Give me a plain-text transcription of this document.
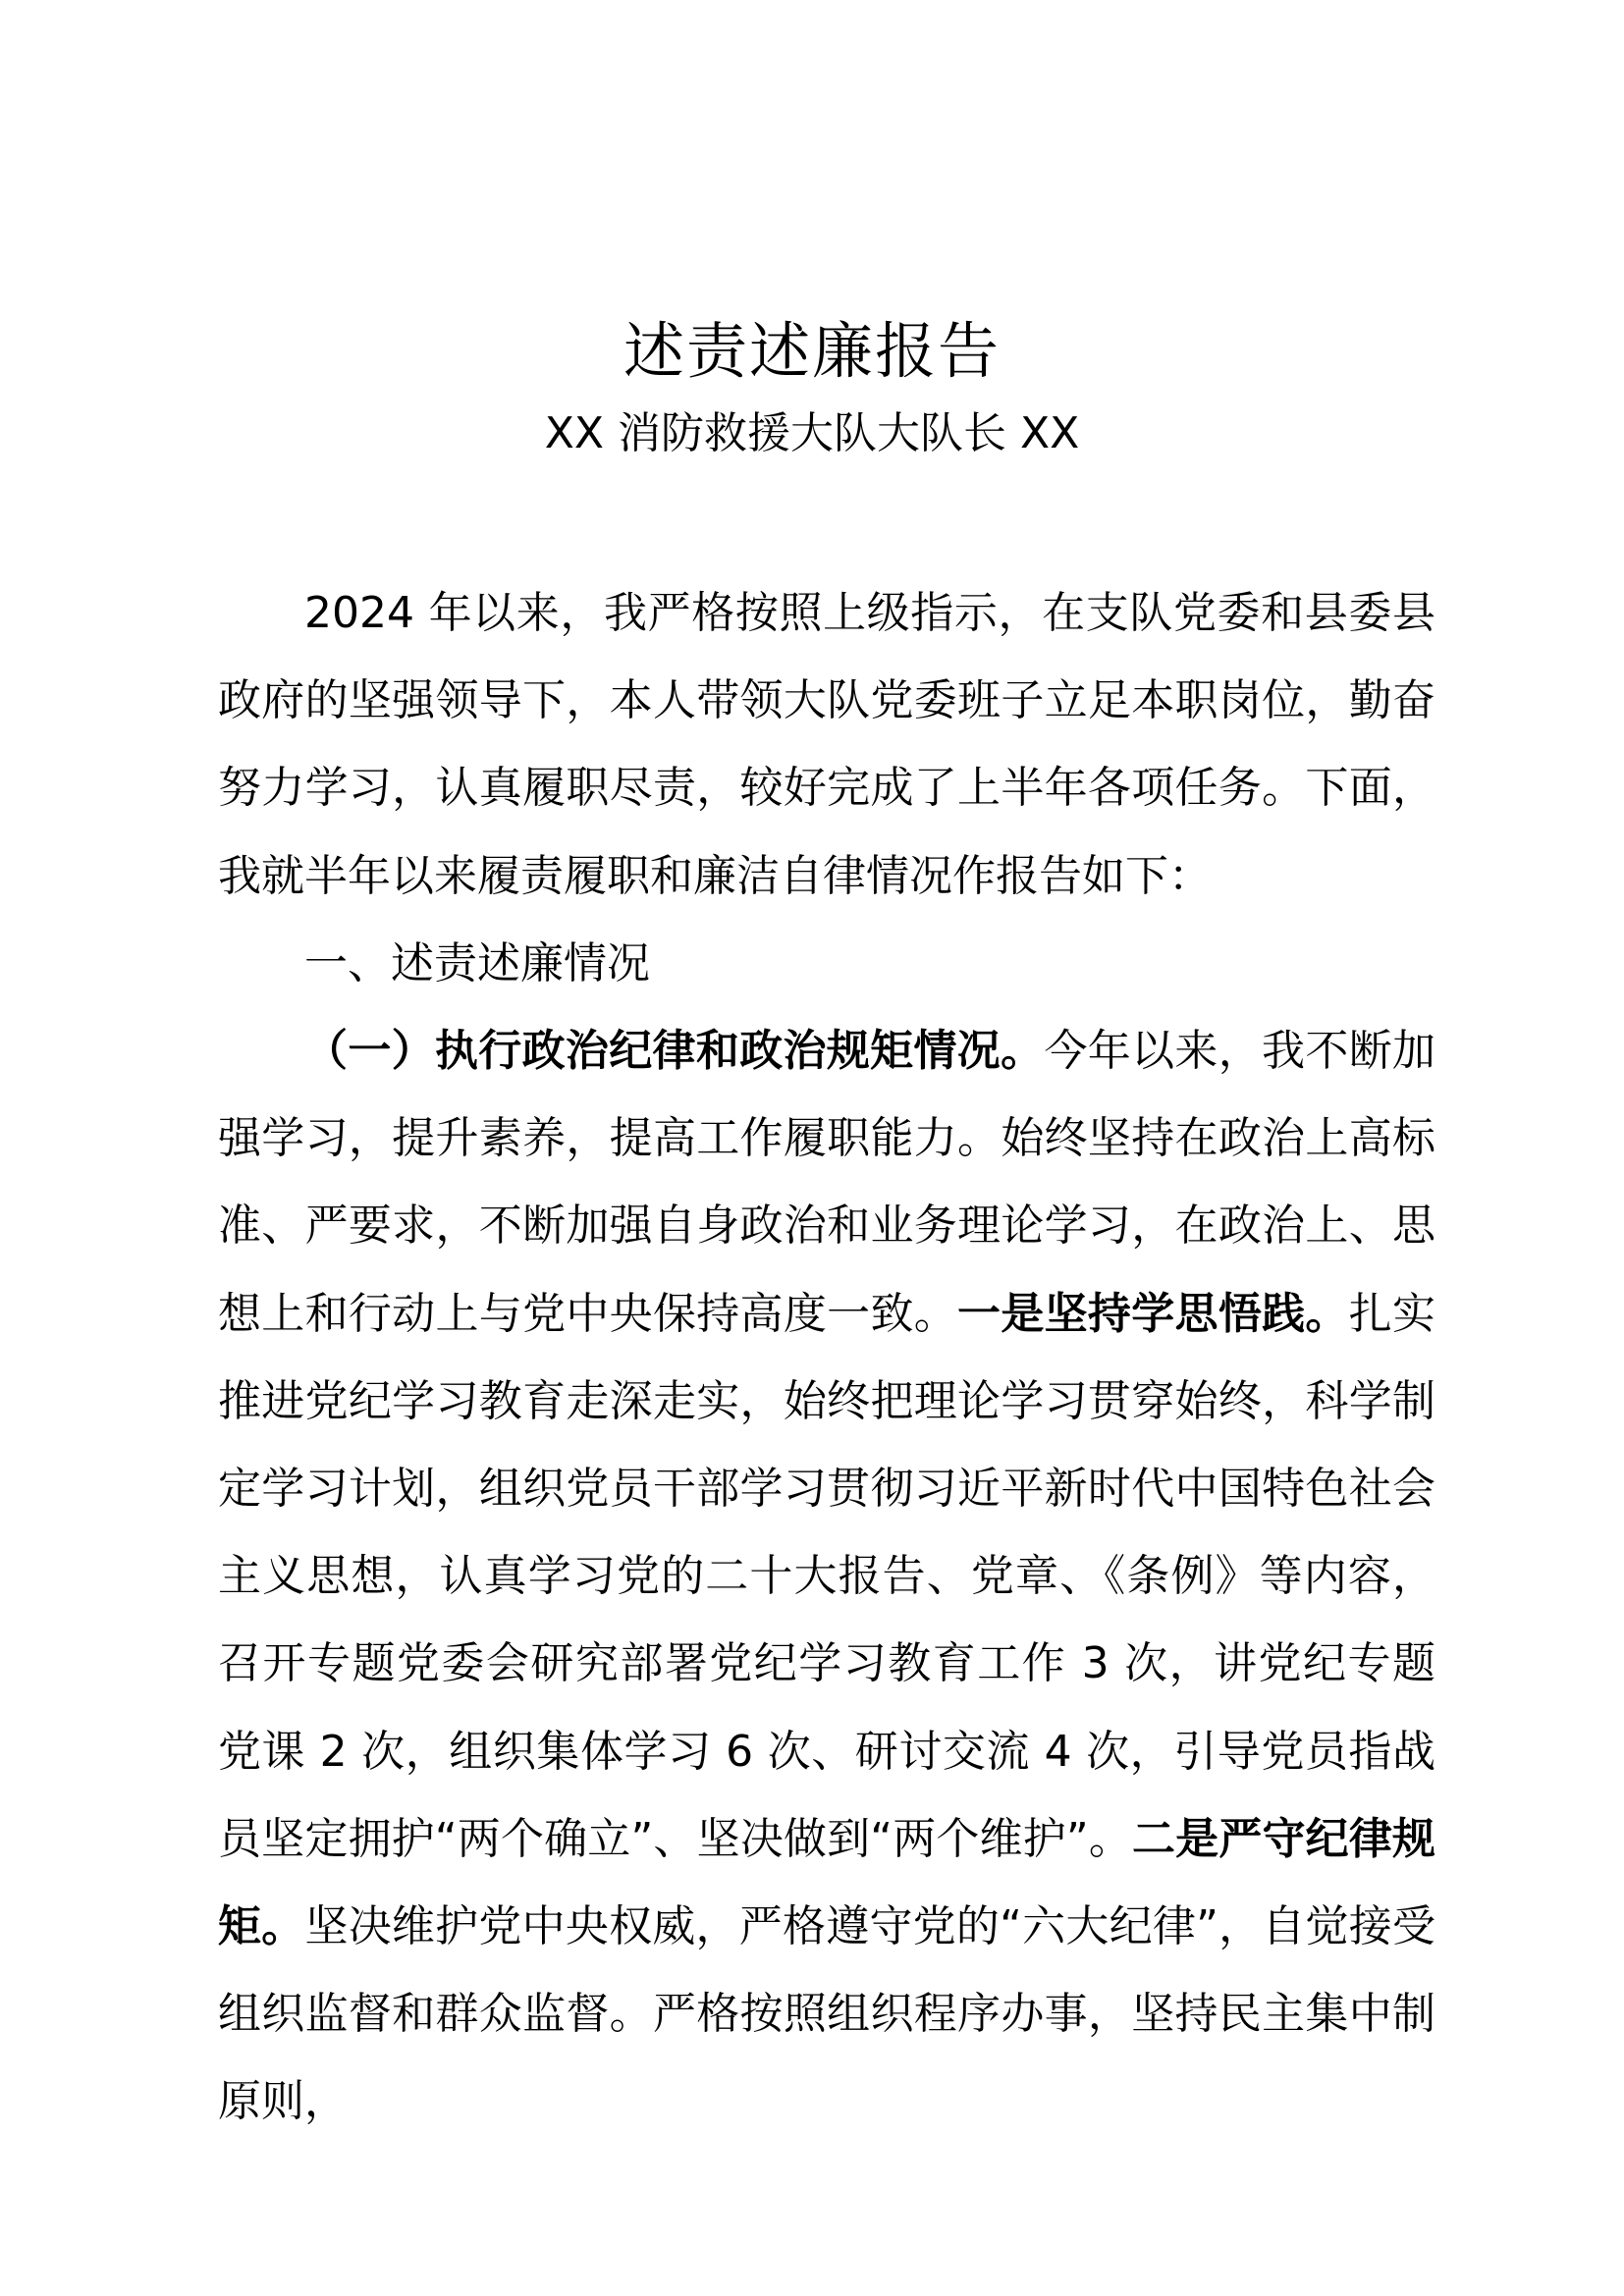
述责述廉报告
XX 消防救援大队大队长 XX

2024 年以来，我严格按照上级指示，在支队党委和县委县政府的坚强领导下，本人带领大队党委班子立足本职岗位，勤奋努力学习，认真履职尽责，较好完成了上半年各项任务。下面，我就半年以来履责履职和廉洁自律情况作报告如下：

一、述责述廉情况

（一）执行政治纪律和政治规矩情况。今年以来，我不断加强学习，提升素养，提高工作履职能力。始终坚持在政治上高标准、严要求，不断加强自身政治和业务理论学习，在政治上、思想上和行动上与党中央保持高度一致。一是坚持学思悟践。扎实推进党纪学习教育走深走实，始终把理论学习贯穿始终，科学制定学习计划，组织党员干部学习贯彻习近平新时代中国特色社会主义思想，认真学习党的二十大报告、党章、《条例》等内容，召开专题党委会研究部署党纪学习教育工作 3 次，讲党纪专题党课 2 次，组织集体学习 6 次、研讨交流 4 次，引导党员指战员坚定拥护“两个确立”、坚决做到“两个维护”。二是严守纪律规矩。坚决维护党中央权威，严格遵守党的“六大纪律”，自觉接受组织监督和群众监督。严格按照组织程序办事，坚持民主集中制原则，
